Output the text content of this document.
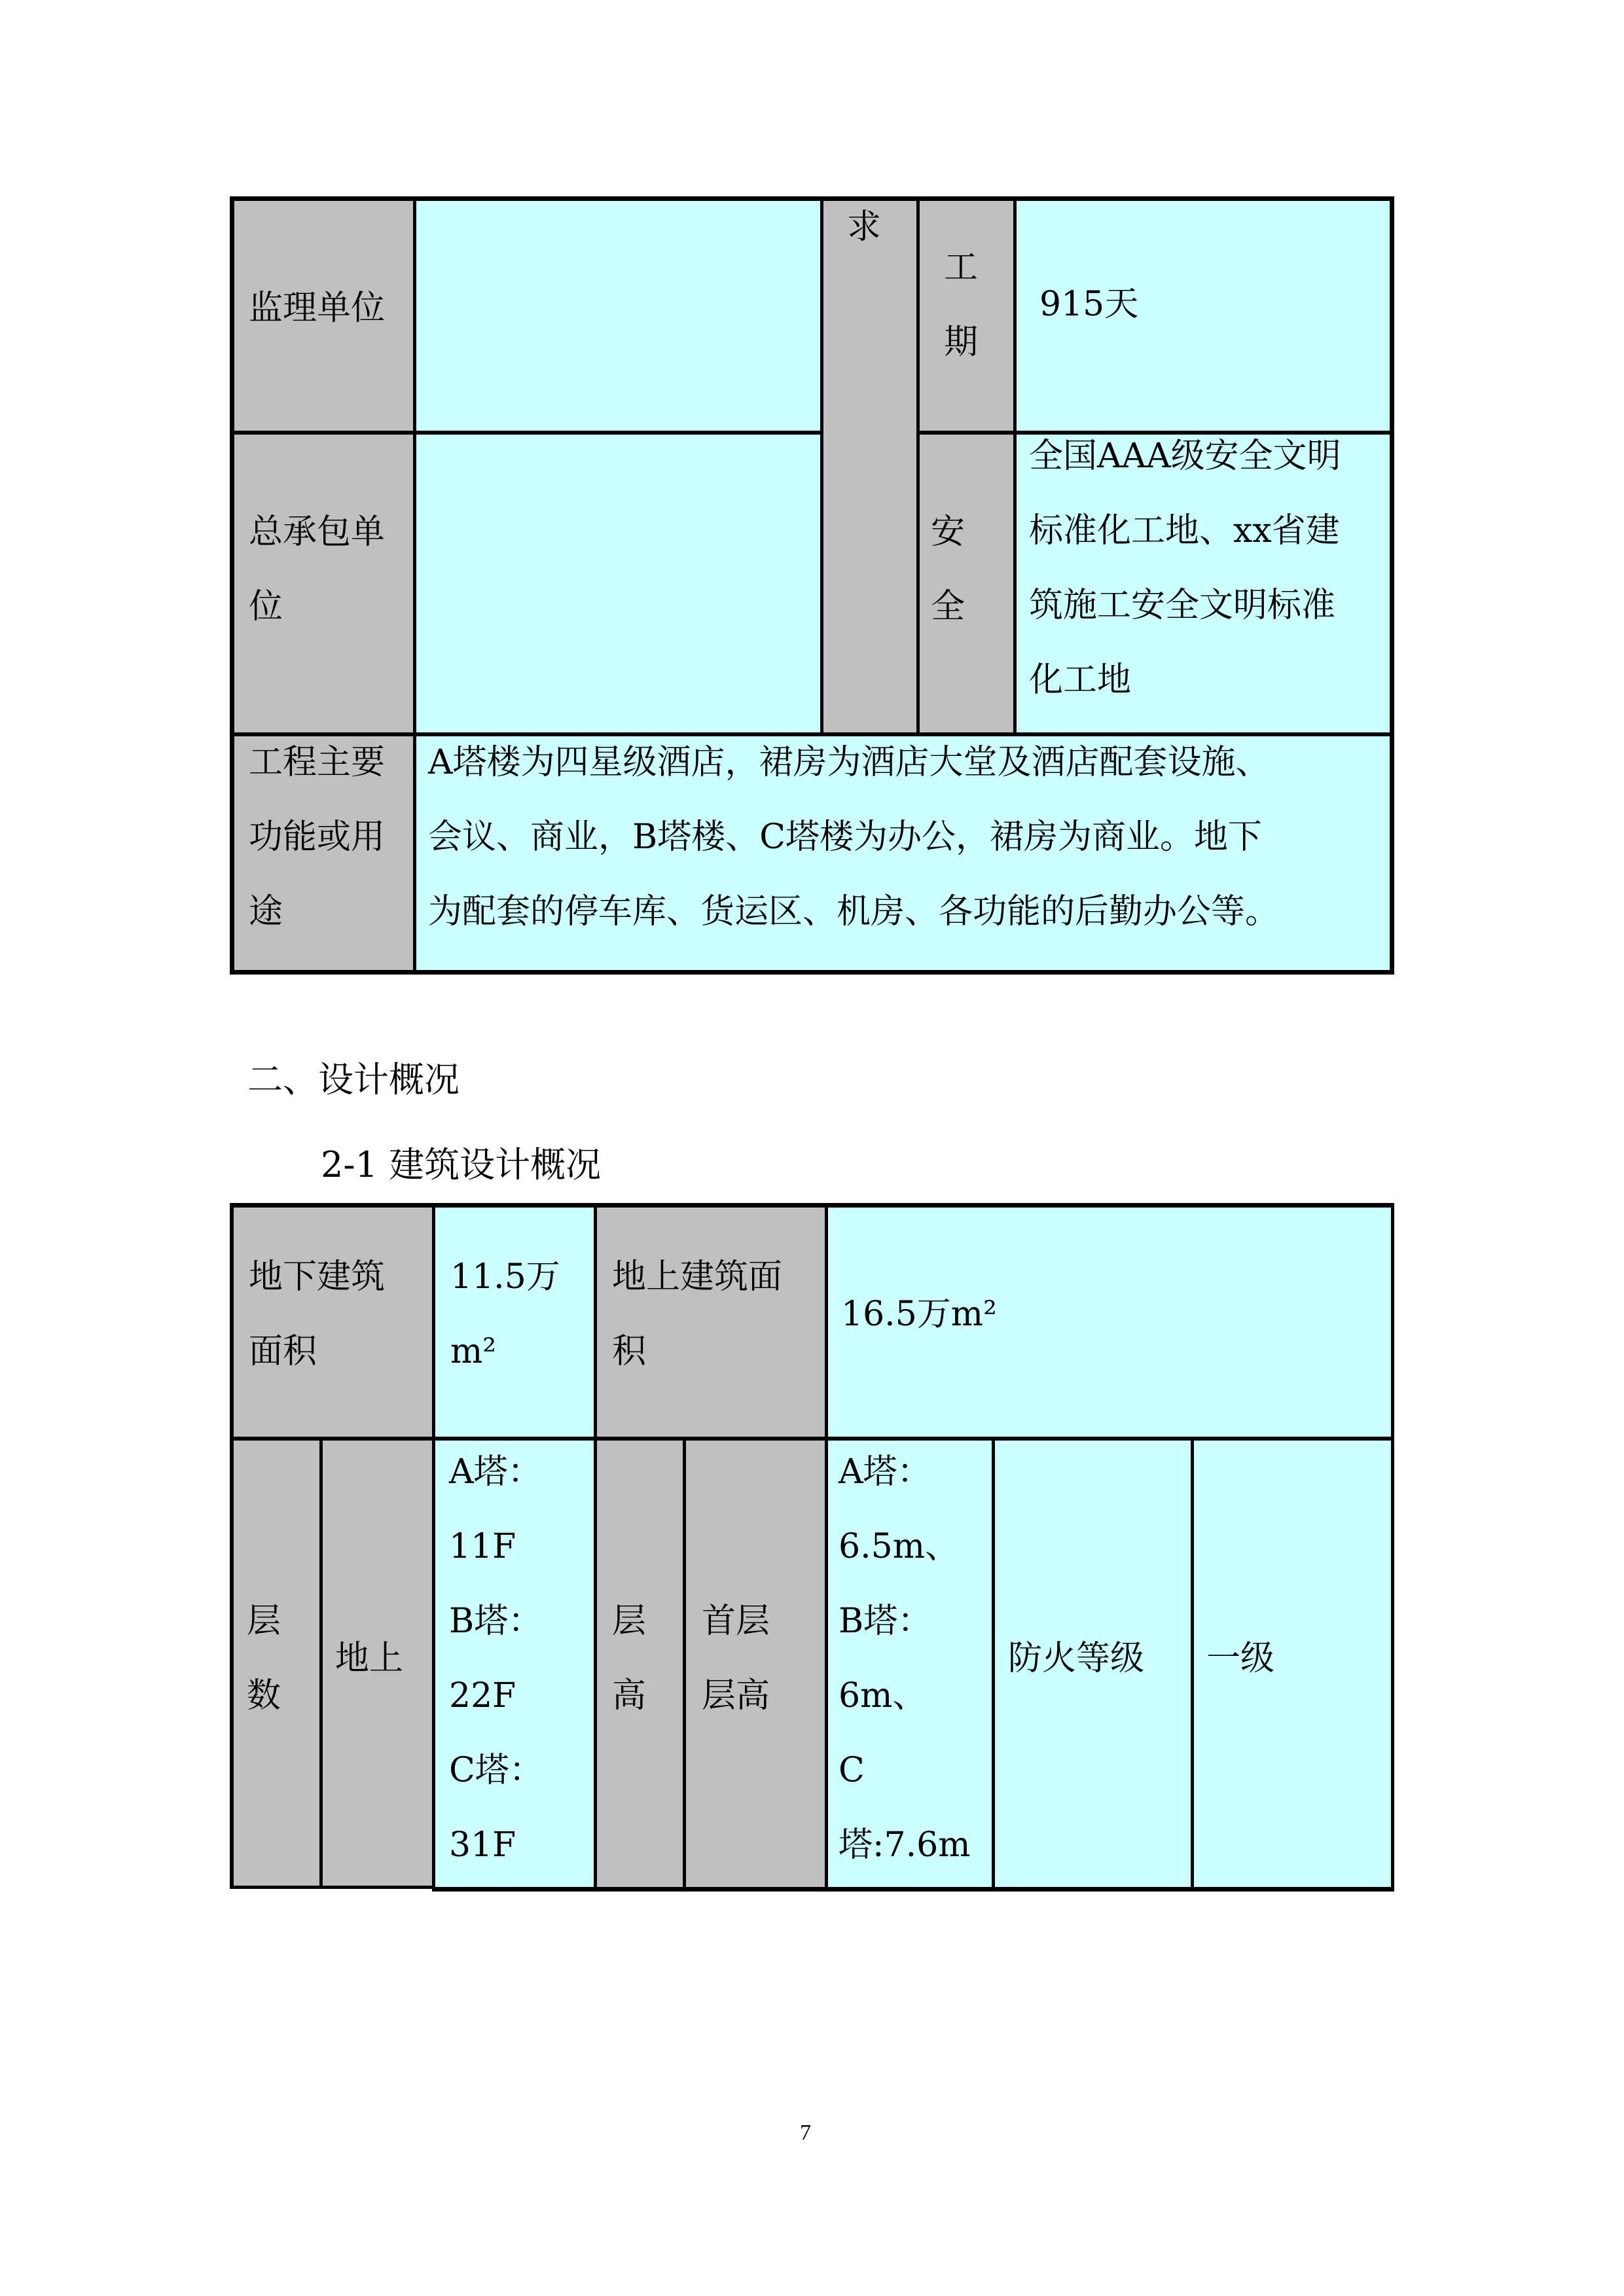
监理单位
求
工
期
915天
总承包单
位
安
全
全国AAA级安全文明
标准化工地、xx省建
筑施工安全文明标准
化工地
工程主要
功能或用
途
A塔楼为四星级酒店，裙房为酒店大堂及酒店配套设施、
会议、商业，B塔楼、C塔楼为办公，裙房为商业。地下
为配套的停车库、货运区、机房、各功能的后勤办公等。
二、设计概况
2-1 建筑设计概况
地下建筑
面积
11.5万
m²
地上建筑面
积
16.5万m²
层
数
地上
A塔：
11F
B塔：
22F
C塔：
31F
层
高
首层
层高
A塔：
6.5m、
B塔：
6m、
C
塔:7.6m
防火等级 一级
7
